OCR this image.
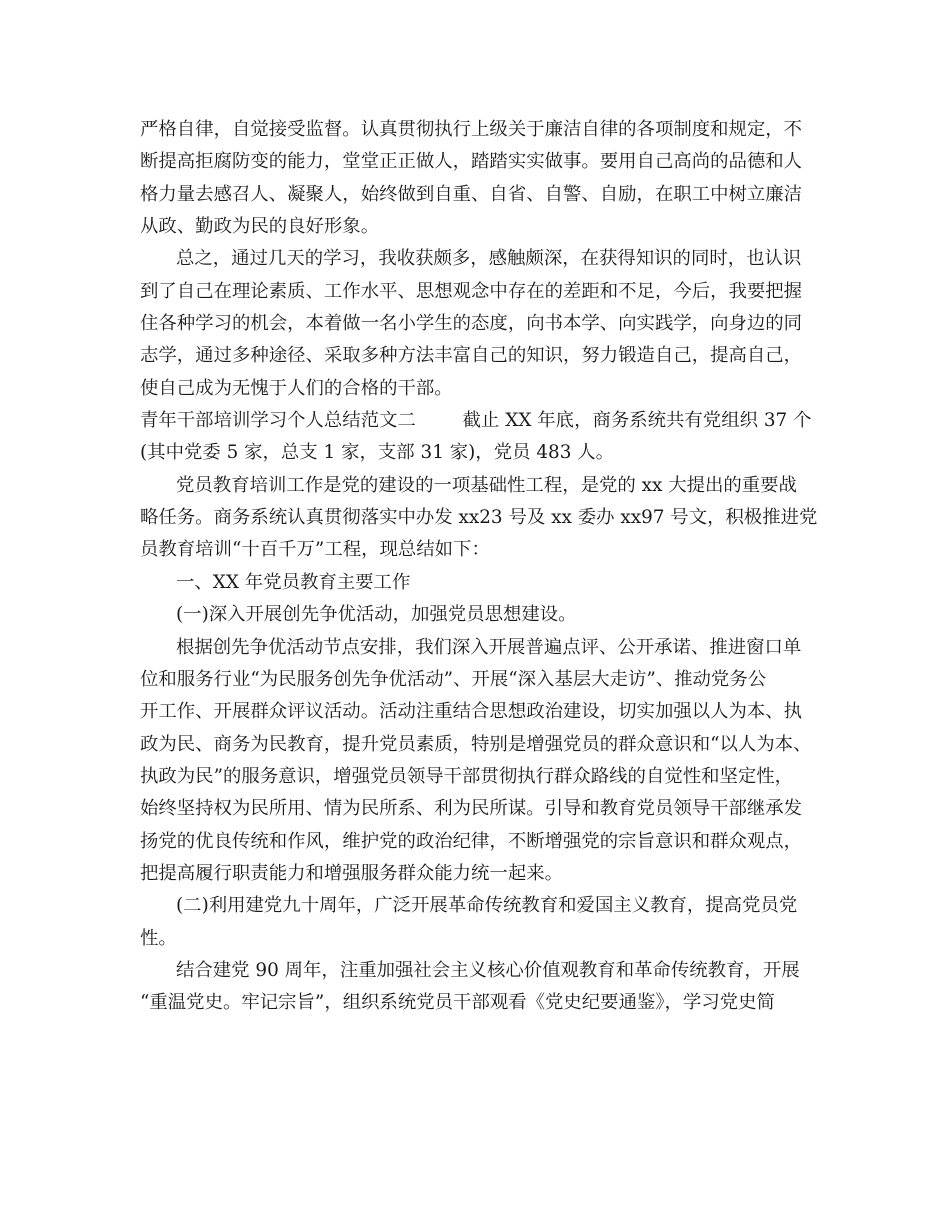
严格自律，自觉接受监督。认真贯彻执行上级关于廉洁自律的各项制度和规定，不
断提高拒腐防变的能力，堂堂正正做人，踏踏实实做事。要用自己高尚的品德和人
格力量去感召人、凝聚人，始终做到自重、自省、自警、自励，在职工中树立廉洁
从政、勤政为民的良好形象。
总之，通过几天的学习，我收获颇多，感触颇深，在获得知识的同时，也认识
到了自己在理论素质、工作水平、思想观念中存在的差距和不足，今后，我要把握
住各种学习的机会，本着做一名小学生的态度，向书本学、向实践学，向身边的同
志学，通过多种途径、采取多种方法丰富自己的知识，努力锻造自己，提高自己，
使自己成为无愧于人们的合格的干部。
青年干部培训学习个人总结范文二        截止 XX 年底，商务系统共有党组织 37 个
(其中党委 5 家，总支 1 家，支部 31 家)，党员 483 人。
党员教育培训工作是党的建设的一项基础性工程，是党的 xx 大提出的重要战
略任务。商务系统认真贯彻落实中办发 xx23 号及 xx 委办 xx97 号文，积极推进党
员教育培训“十百千万”工程，现总结如下：
一、XX 年党员教育主要工作
(一)深入开展创先争优活动，加强党员思想建设。
根据创先争优活动节点安排，我们深入开展普遍点评、公开承诺、推进窗口单
位和服务行业“为民服务创先争优活动”、开展“深入基层大走访”、推动党务公
开工作、开展群众评议活动。活动注重结合思想政治建设，切实加强以人为本、执
政为民、商务为民教育，提升党员素质，特别是增强党员的群众意识和“以人为本、
执政为民”的服务意识，增强党员领导干部贯彻执行群众路线的自觉性和坚定性，
始终坚持权为民所用、情为民所系、利为民所谋。引导和教育党员领导干部继承发
扬党的优良传统和作风，维护党的政治纪律，不断增强党的宗旨意识和群众观点，
把提高履行职责能力和增强服务群众能力统一起来。
(二)利用建党九十周年，广泛开展革命传统教育和爱国主义教育，提高党员党
性。
结合建党 90 周年，注重加强社会主义核心价值观教育和革命传统教育，开展
“重温党史。牢记宗旨”，组织系统党员干部观看《党史纪要通鉴》，学习党史简
